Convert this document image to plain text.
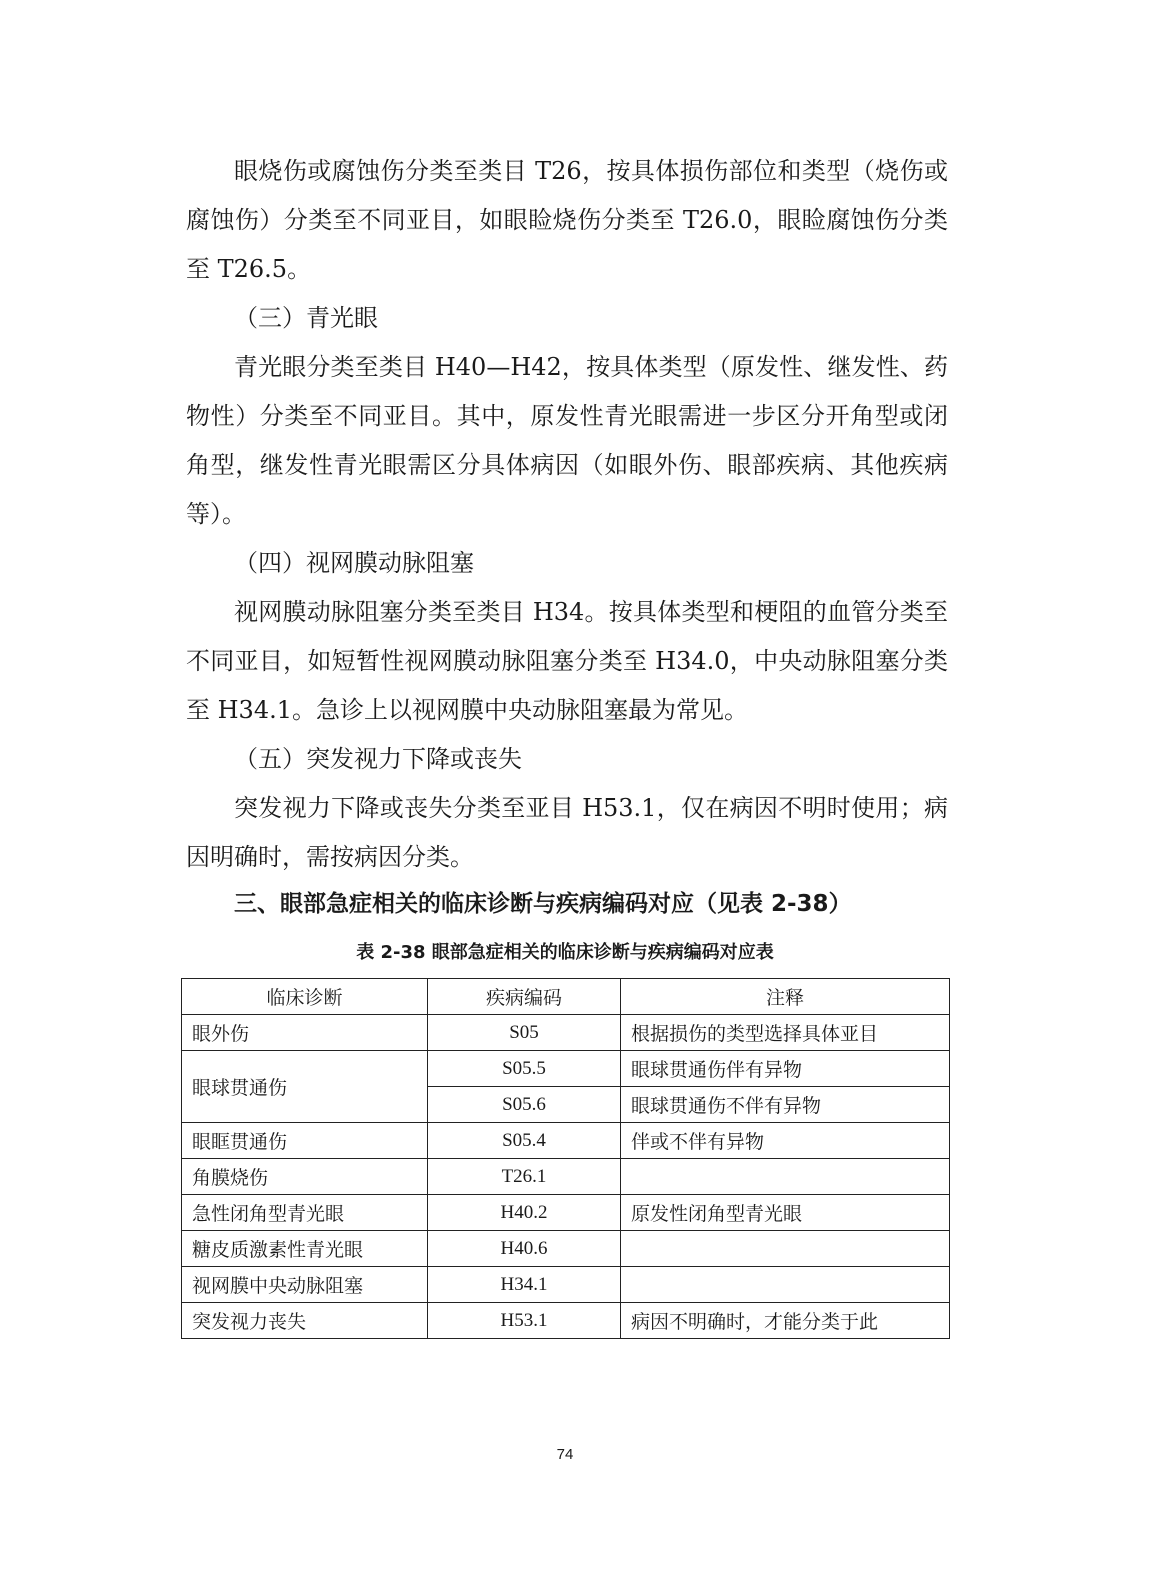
眼烧伤或腐蚀伤分类至类目 T26，按具体损伤部位和类型（烧伤或
腐蚀伤）分类至不同亚目，如眼睑烧伤分类至 T26.0，眼睑腐蚀伤分类
至 T26.5。
（三）青光眼
青光眼分类至类目 H40—H42，按具体类型（原发性、继发性、药
物性）分类至不同亚目。其中，原发性青光眼需进一步区分开角型或闭
角型，继发性青光眼需区分具体病因（如眼外伤、眼部疾病、其他疾病
等）。
（四）视网膜动脉阻塞
视网膜动脉阻塞分类至类目 H34。按具体类型和梗阻的血管分类至
不同亚目，如短暂性视网膜动脉阻塞分类至 H34.0，中央动脉阻塞分类
至 H34.1。急诊上以视网膜中央动脉阻塞最为常见。
（五）突发视力下降或丧失
突发视力下降或丧失分类至亚目 H53.1，仅在病因不明时使用；病
因明确时，需按病因分类。
三、眼部急症相关的临床诊断与疾病编码对应（见表 2-38）
表 2-38 眼部急症相关的临床诊断与疾病编码对应表
临床诊断	疾病编码	注释
眼外伤	S05	根据损伤的类型选择具体亚目
眼球贯通伤	S05.5	眼球贯通伤伴有异物
	S05.6	眼球贯通伤不伴有异物
眼眶贯通伤	S05.4	伴或不伴有异物
角膜烧伤	T26.1	
急性闭角型青光眼	H40.2	原发性闭角型青光眼
糖皮质激素性青光眼	H40.6	
视网膜中央动脉阻塞	H34.1	
突发视力丧失	H53.1	病因不明确时，才能分类于此
74
